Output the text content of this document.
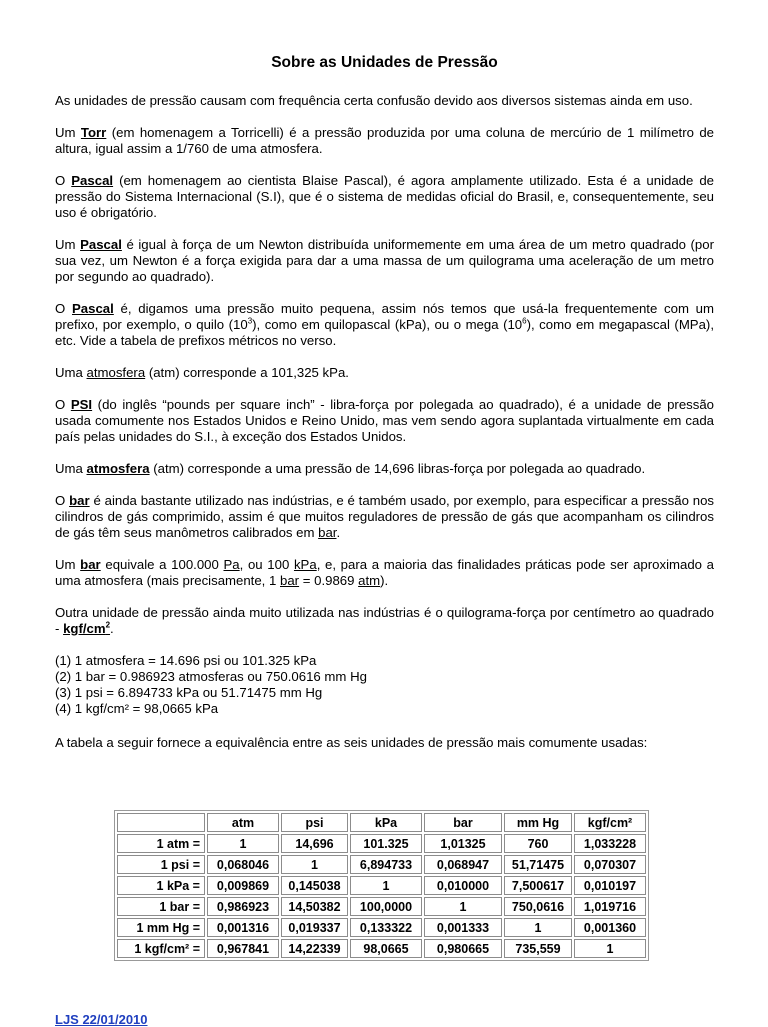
Sobre as Unidades de Pressão

As unidades de pressão causam com frequência certa confusão devido aos diversos sistemas ainda em uso.

Um Torr (em homenagem a Torricelli) é a pressão produzida por uma coluna de mercúrio de 1 milímetro de altura, igual assim a 1/760 de uma atmosfera.

O Pascal (em homenagem ao cientista Blaise Pascal), é agora amplamente utilizado. Esta é a unidade de pressão do Sistema Internacional (S.I), que é o sistema de medidas oficial do Brasil, e, consequentemente, seu uso é obrigatório.

Um Pascal é igual à força de um Newton distribuída uniformemente em uma área de um metro quadrado (por sua vez, um Newton é a força exigida para dar a uma massa de um quilograma uma aceleração de um metro por segundo ao quadrado).

O Pascal é, digamos uma pressão muito pequena, assim nós temos que usá-la frequentemente com um prefixo, por exemplo, o quilo $(10^3)$, como em quilopascal (kPa), ou o mega $(10^6)$, como em megapascal (MPa), etc. Vide a tabela de prefixos métricos no verso.

Uma atmosfera (atm) corresponde a 101,325 kPa.

O PSI (do inglês “pounds per square inch” - libra-força por polegada ao quadrado), é a unidade de pressão usada comumente nos Estados Unidos e Reino Unido, mas vem sendo agora suplantada virtualmente em cada país pelas unidades do S.I., à exceção dos Estados Unidos.

Uma atmosfera (atm) corresponde a uma pressão de 14,696 libras-força por polegada ao quadrado.

O bar é ainda bastante utilizado nas indústrias, e é também usado, por exemplo, para especificar a pressão nos cilindros de gás comprimido, assim é que muitos reguladores de pressão de gás que acompanham os cilindros de gás têm seus manômetros calibrados em bar.

Um bar equivale a 100.000 Pa, ou 100 kPa, e, para a maioria das finalidades práticas pode ser aproximado a uma atmosfera (mais precisamente, 1 bar = 0.9869 atm).

Outra unidade de pressão ainda muito utilizada nas indústrias é o quilograma-força por centímetro ao quadrado - kgf/$cm^2$.

(1) 1 atmosfera = 14.696 psi ou 101.325 kPa
(2) 1 bar = 0.986923 atmosferas ou 750.0616 mm Hg
(3) 1 psi = 6.894733 kPa ou 51.71475 mm Hg
(4) 1 kgf/cm² = 98,0665 kPa

A tabela a seguir fornece a equivalência entre as seis unidades de pressão mais comumente usadas:

	atm	psi	kPa	bar	mm Hg	kgf/cm²
1 atm =	1	14,696	101.325	1,01325	760	1,033228
1 psi =	0,068046	1	6,894733	0,068947	51,71475	0,070307
1 kPa =	0,009869	0,145038	1	0,010000	7,500617	0,010197
1 bar =	0,986923	14,50382	100,0000	1	750,0616	1,019716
1 mm Hg =	0,001316	0,019337	0,133322	0,001333	1	0,001360
1 kgf/cm² =	0,967841	14,22339	98,0665	0,980665	735,559	1
LJS 22/01/2010
